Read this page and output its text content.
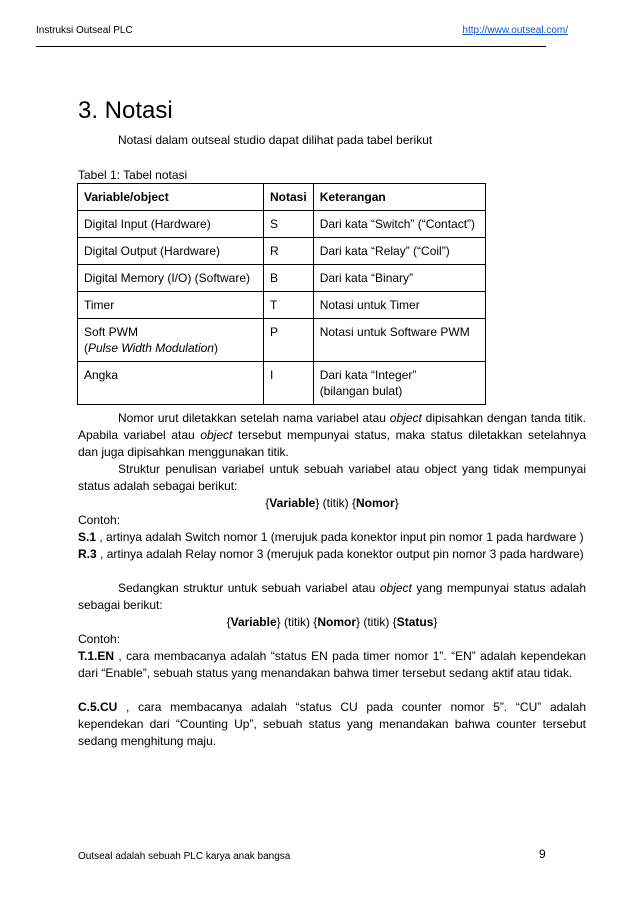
Instruksi Outseal PLC	http://www.outseal.com/
3. Notasi
Notasi dalam outseal studio dapat dilihat pada tabel berikut
Tabel 1: Tabel notasi
Variable/object	Notasi	Keterangan
Digital Input (Hardware)	S	Dari kata “Switch” (“Contact”)
Digital Output (Hardware)	R	Dari kata “Relay” (“Coil”)
Digital Memory (I/O) (Software)	B	Dari kata “Binary”
Timer	T	Notasi untuk Timer
Soft PWM
(Pulse Width Modulation)	P	Notasi untuk Software PWM
Angka	I	Dari kata “Integer”
(bilangan bulat)

Nomor urut diletakkan setelah nama variabel atau object dipisahkan dengan tanda titik. Apabila variabel atau object tersebut mempunyai status, maka status diletakkan setelahnya dan juga dipisahkan menggunakan titik.

Struktur penulisan variabel untuk sebuah variabel atau object yang tidak mempunyai status adalah sebagai berikut:

{Variable} (titik) {Nomor}

Contoh:

S.1 , artinya adalah Switch nomor 1 (merujuk pada konektor input pin nomor 1 pada hardware )

R.3 , artinya adalah Relay nomor 3 (merujuk pada konektor output pin nomor 3 pada hardware)

Sedangkan struktur untuk sebuah variabel atau object yang mempunyai status adalah sebagai berikut:

{Variable} (titik) {Nomor} (titik) {Status}

Contoh:

T.1.EN , cara membacanya adalah “status EN pada timer nomor 1”. “EN” adalah kependekan dari “Enable”, sebuah status yang menandakan bahwa timer tersebut sedang aktif atau tidak.

C.5.CU , cara membacanya adalah “status CU pada counter nomor 5”. “CU” adalah kependekan dari “Counting Up”, sebuah status yang menandakan bahwa counter tersebut sedang menghitung maju.

Outseal adalah sebuah PLC karya anak bangsa	9
